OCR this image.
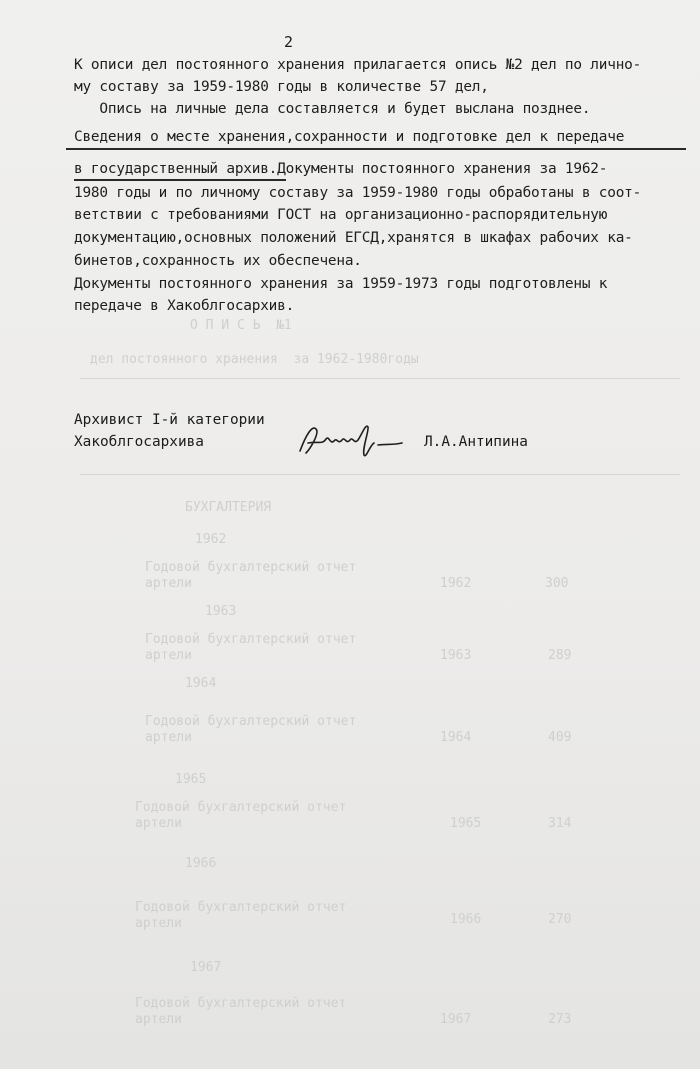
О П И С Ь  №1
дел постоянного хранения  за 1962-1980годы
БУХГАЛТЕРИЯ
1962
Годовой бухгалтерский отчет
артели	1962	300
1963
Годовой бухгалтерский отчет
артели	1963	289
1964
Годовой бухгалтерский отчет
артели	1964	409
1965
Годовой бухгалтерский отчет
артели	1965	314
1966
Годовой бухгалтерский отчет
артели	1966	270
1967
Годовой бухгалтерский отчет
артели	1967	273
2
К описи дел постоянного хранения прилагается опись №2 дел по лично-
му составу за 1959-1980 годы в количестве 57 дел,
Опись на личные дела составляется и будет выслана позднее.
Сведения о месте хранения,сохранности и подготовке дел к передаче
в государственный архив.Документы постоянного хранения за 1962-
1980 годы и по личному составу за 1959-1980 годы обработаны в соот-
ветствии с требованиями ГОСТ на организационно-распорядительную
документацию,основных положений ЕГСД,хранятся в шкафах рабочих ка-
бинетов,сохранность их обеспечена.
Документы постоянного хранения за 1959-1973 годы подготовлены к
передаче в Хакоблгосархив.
Архивист I-й категории
Хакоблгосархива	Л.А.Антипина
